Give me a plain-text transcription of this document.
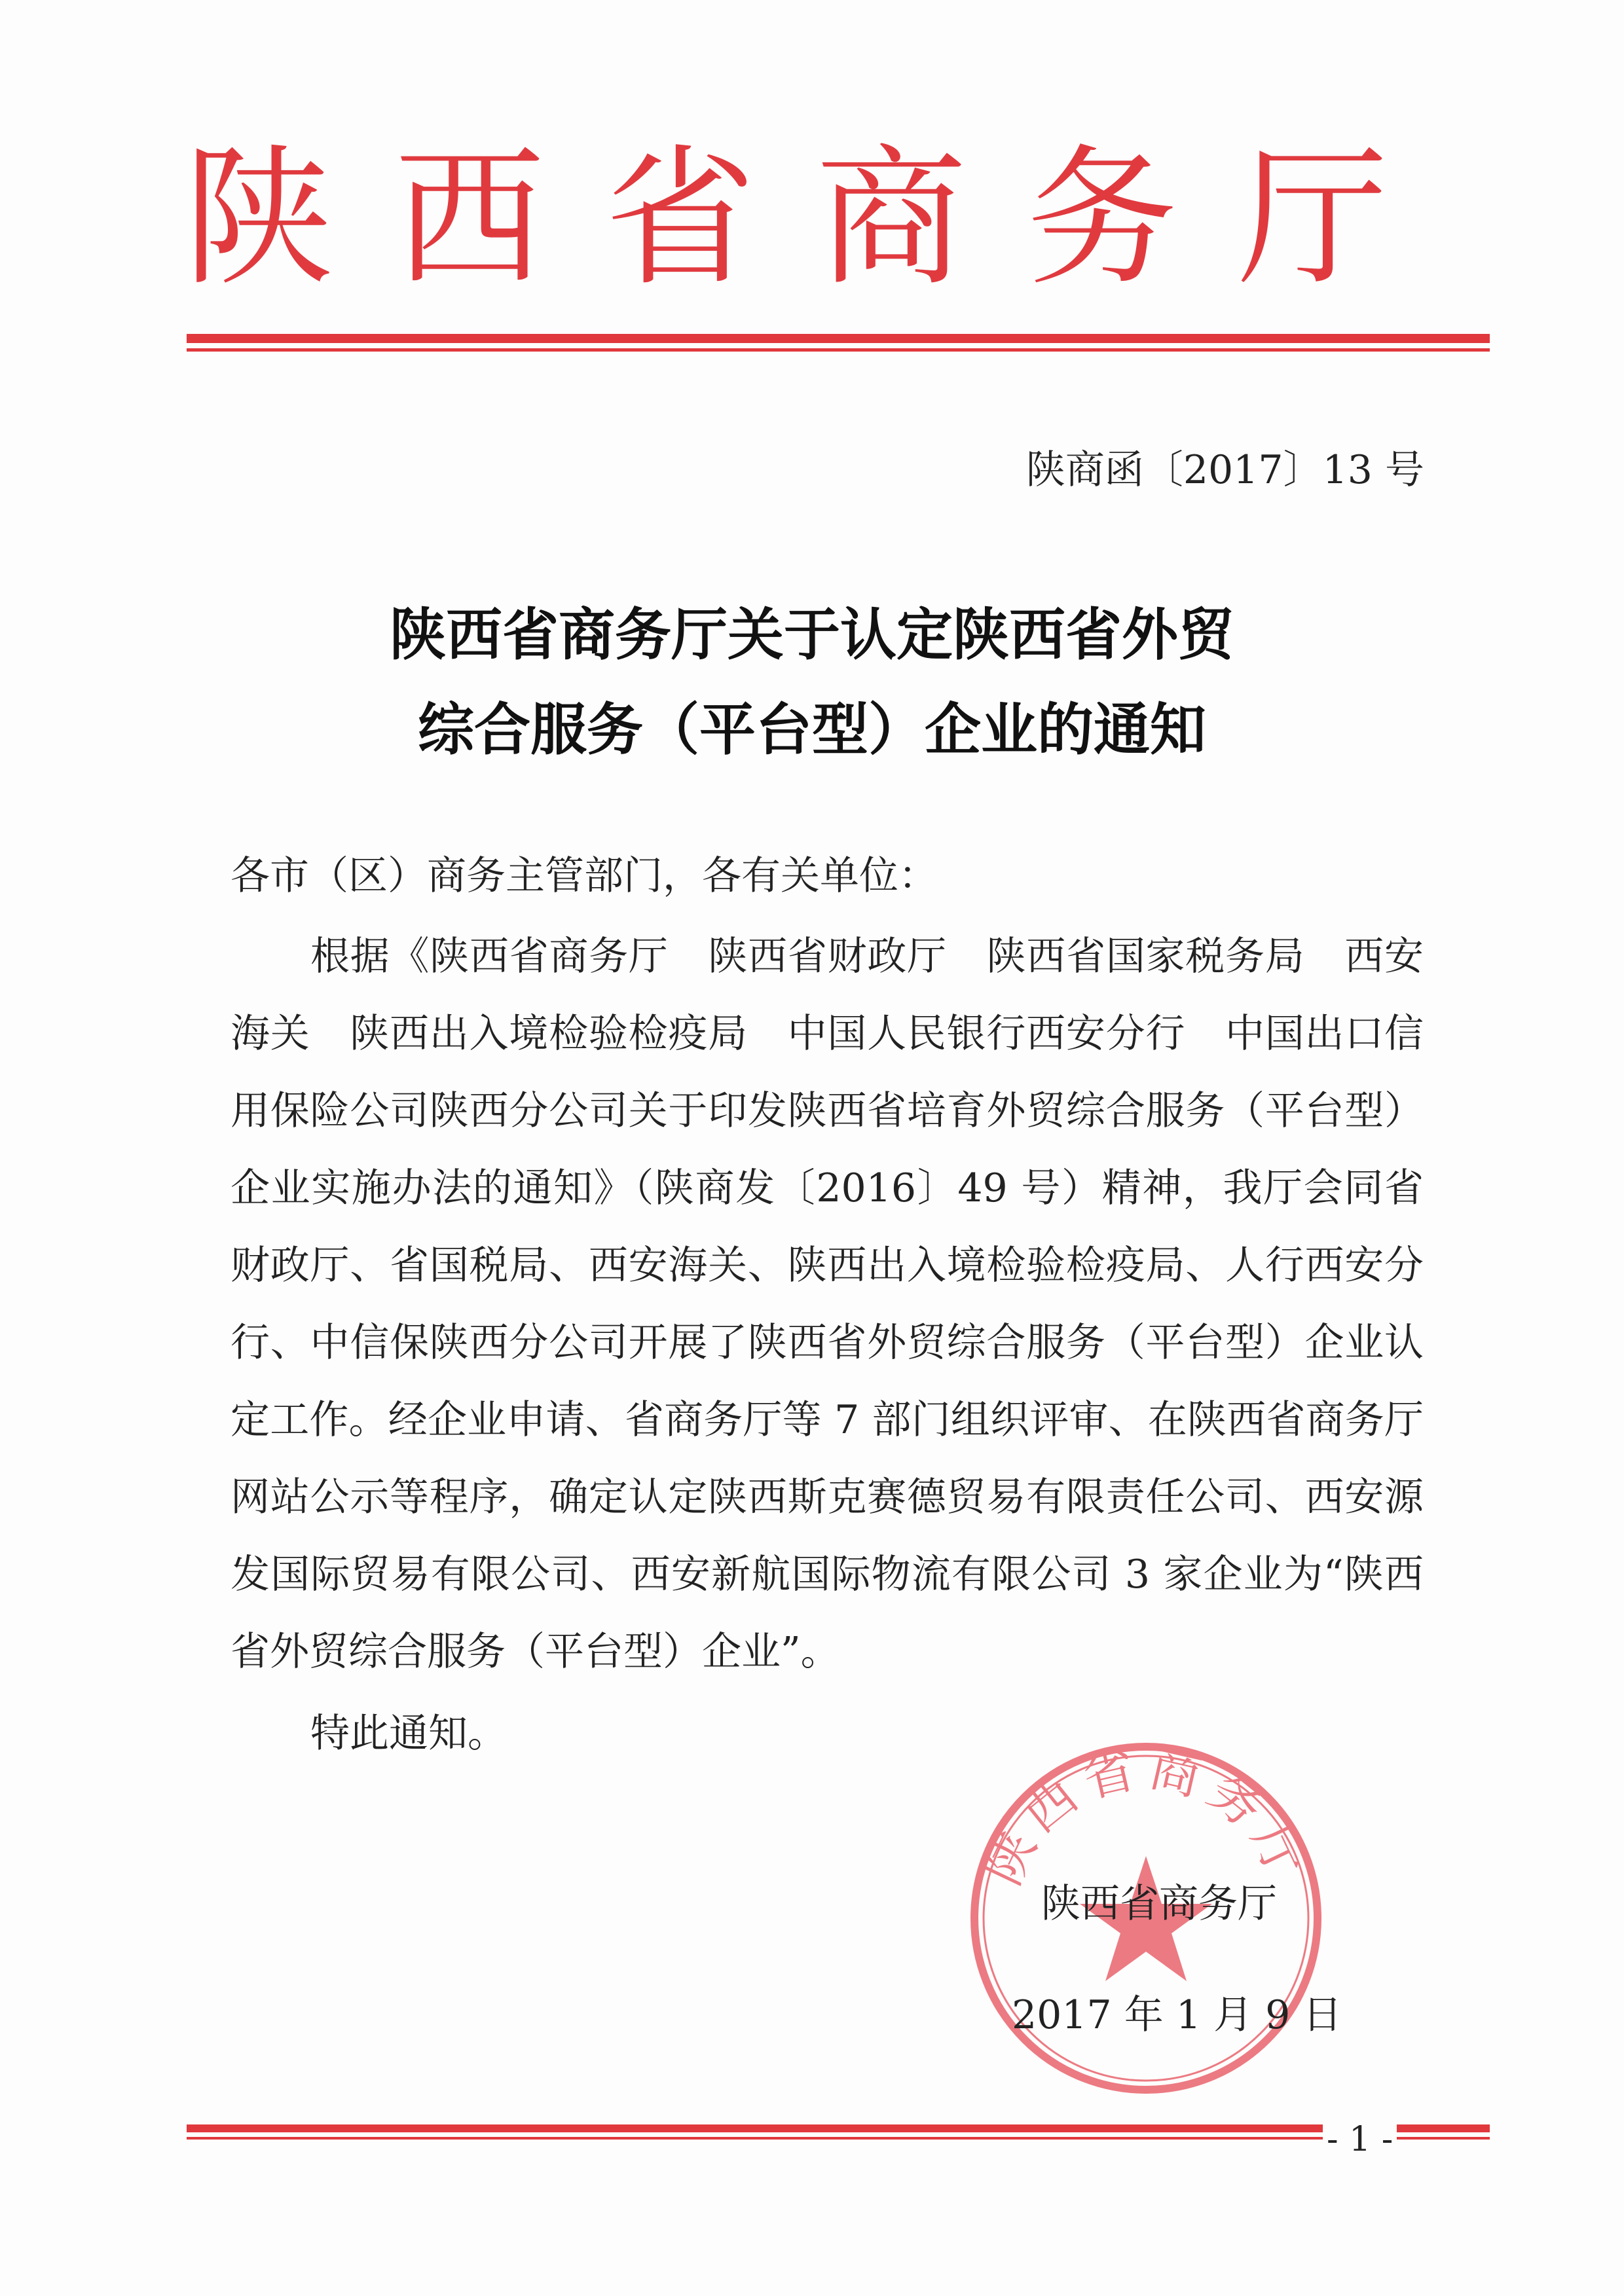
陕西省商务厅
陕商函〔2017〕13 号
陕西省商务厅关于认定陕西省外贸
综合服务（平台型）企业的通知
各市（区）商务主管部门，各有关单位：

根据《陕西省商务厅　陕西省财政厅　陕西省国家税务局　西安海关　陕西出入境检验检疫局　中国人民银行西安分行　中国出口信用保险公司陕西分公司关于印发陕西省培育外贸综合服务（平台型）企业实施办法的通知》（陕商发〔2016〕49 号）精神，我厅会同省财政厅、省国税局、西安海关、陕西出入境检验检疫局、人行西安分行、中信保陕西分公司开展了陕西省外贸综合服务（平台型）企业认定工作。经企业申请、省商务厅等 7 部门组织评审、在陕西省商务厅网站公示等程序，确定认定陕西斯克赛德贸易有限责任公司、西安源发国际贸易有限公司、西安新航国际物流有限公司 3 家企业为“陕西省外贸综合服务（平台型）企业”。

特此通知。
陕西省商务厅
陕西省商务厅
2017 年 1 月 9 日
- 1 -
